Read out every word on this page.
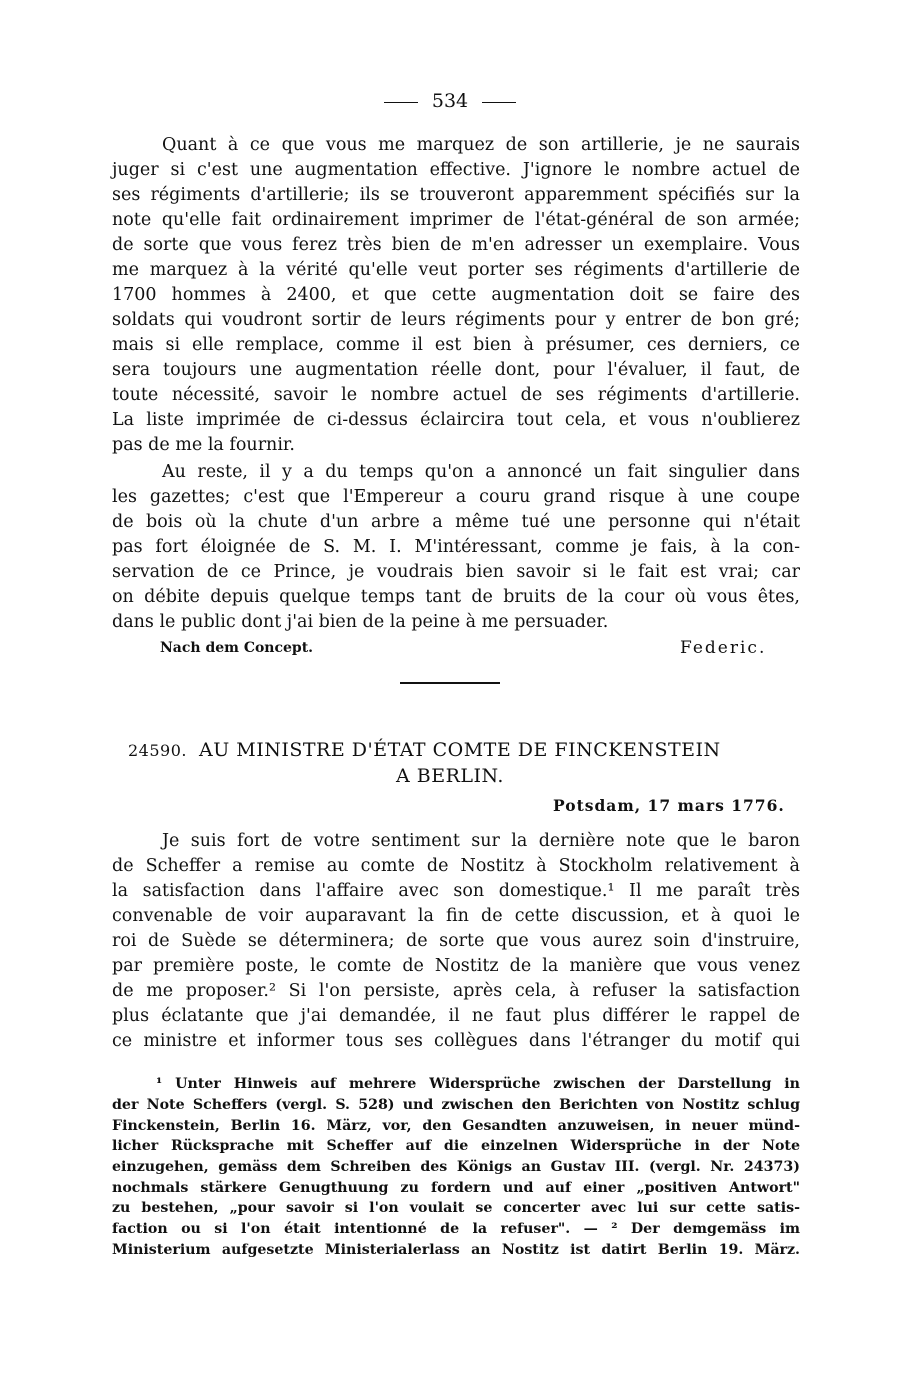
534
Quant à ce que vous me marquez de son artillerie, je ne saurais
juger si c'est une augmentation effective. J'ignore le nombre actuel de
ses régiments d'artillerie; ils se trouveront apparemment spécifiés sur la
note qu'elle fait ordinairement imprimer de l'état-général de son armée;
de sorte que vous ferez très bien de m'en adresser un exemplaire. Vous
me marquez à la vérité qu'elle veut porter ses régiments d'artillerie de
1700 hommes à 2400, et que cette augmentation doit se faire des
soldats qui voudront sortir de leurs régiments pour y entrer de bon gré;
mais si elle remplace, comme il est bien à présumer, ces derniers, ce
sera toujours une augmentation réelle dont, pour l'évaluer, il faut, de
toute nécessité, savoir le nombre actuel de ses régiments d'artillerie.
La liste imprimée de ci-dessus éclaircira tout cela, et vous n'oublierez
pas de me la fournir.
Au reste, il y a du temps qu'on a annoncé un fait singulier dans
les gazettes; c'est que l'Empereur a couru grand risque à une coupe
de bois où la chute d'un arbre a même tué une personne qui n'était
pas fort éloignée de S. M. I. M'intéressant, comme je fais, à la con-
servation de ce Prince, je voudrais bien savoir si le fait est vrai; car
on débite depuis quelque temps tant de bruits de la cour où vous êtes,
dans le public dont j'ai bien de la peine à me persuader.
Nach dem Concept.	Federic.
24590. AU MINISTRE D'ÉTAT COMTE DE FINCKENSTEIN
A BERLIN.
Potsdam, 17 mars 1776.
Je suis fort de votre sentiment sur la dernière note que le baron
de Scheffer a remise au comte de Nostitz à Stockholm relativement à
la satisfaction dans l'affaire avec son domestique.¹ Il me paraît très
convenable de voir auparavant la fin de cette discussion, et à quoi le
roi de Suède se déterminera; de sorte que vous aurez soin d'instruire,
par première poste, le comte de Nostitz de la manière que vous venez
de me proposer.² Si l'on persiste, après cela, à refuser la satisfaction
plus éclatante que j'ai demandée, il ne faut plus différer le rappel de
ce ministre et informer tous ses collègues dans l'étranger du motif qui
¹ Unter Hinweis auf mehrere Widersprüche zwischen der Darstellung in
der Note Scheffers (vergl. S. 528) und zwischen den Berichten von Nostitz schlug
Finckenstein, Berlin 16. März, vor, den Gesandten anzuweisen, in neuer münd-
licher Rücksprache mit Scheffer auf die einzelnen Widersprüche in der Note
einzugehen, gemäss dem Schreiben des Königs an Gustav III. (vergl. Nr. 24373)
nochmals stärkere Genugthuung zu fordern und auf einer „positiven Antwort"
zu bestehen, „pour savoir si l'on voulait se concerter avec lui sur cette satis-
faction ou si l'on était intentionné de la refuser". — ² Der demgemäss im
Ministerium aufgesetzte Ministerialerlass an Nostitz ist datirt Berlin 19. März.
